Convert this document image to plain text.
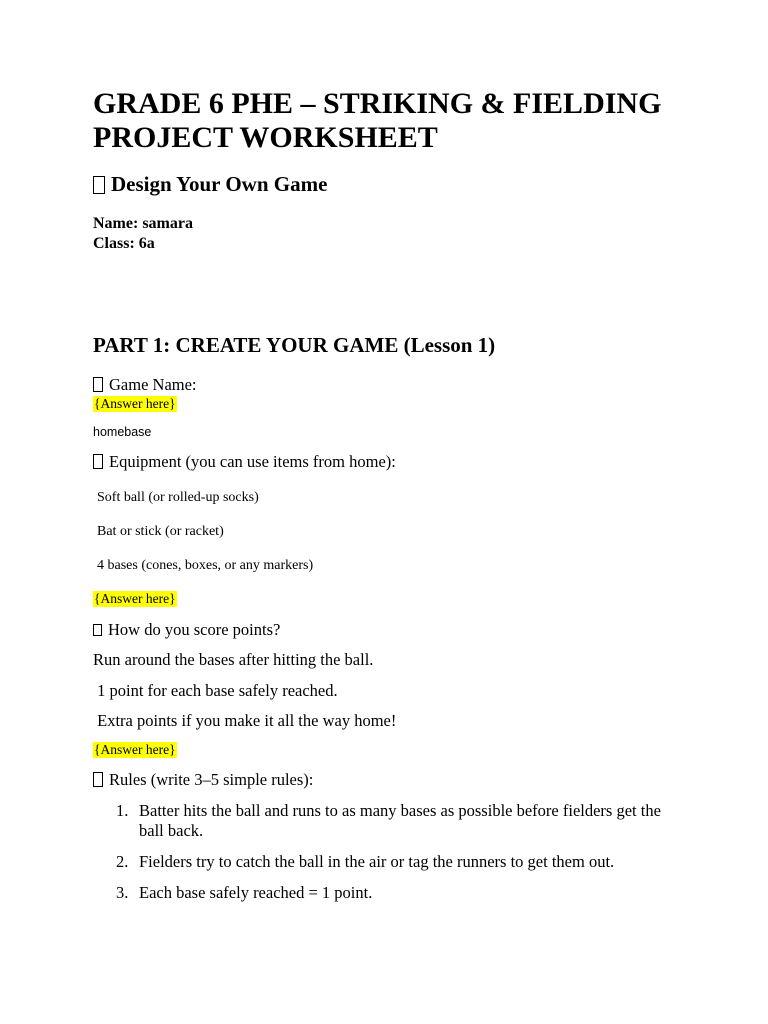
GRADE 6 PHE – STRIKING & FIELDING PROJECT WORKSHEET
Design Your Own Game
Name: samara
Class: 6a
PART 1: CREATE YOUR GAME (Lesson 1)
Game Name:
{Answer here}
homebase
Equipment (you can use items from home):
Soft ball (or rolled-up socks)
Bat or stick (or racket)
4 bases (cones, boxes, or any markers)
{Answer here}
How do you score points?
Run around the bases after hitting the ball.
1 point for each base safely reached.
Extra points if you make it all the way home!
{Answer here}
Rules (write 3–5 simple rules):
1. Batter hits the ball and runs to as many bases as possible before fielders get the ball back.
2. Fielders try to catch the ball in the air or tag the runners to get them out.
3. Each base safely reached = 1 point.
